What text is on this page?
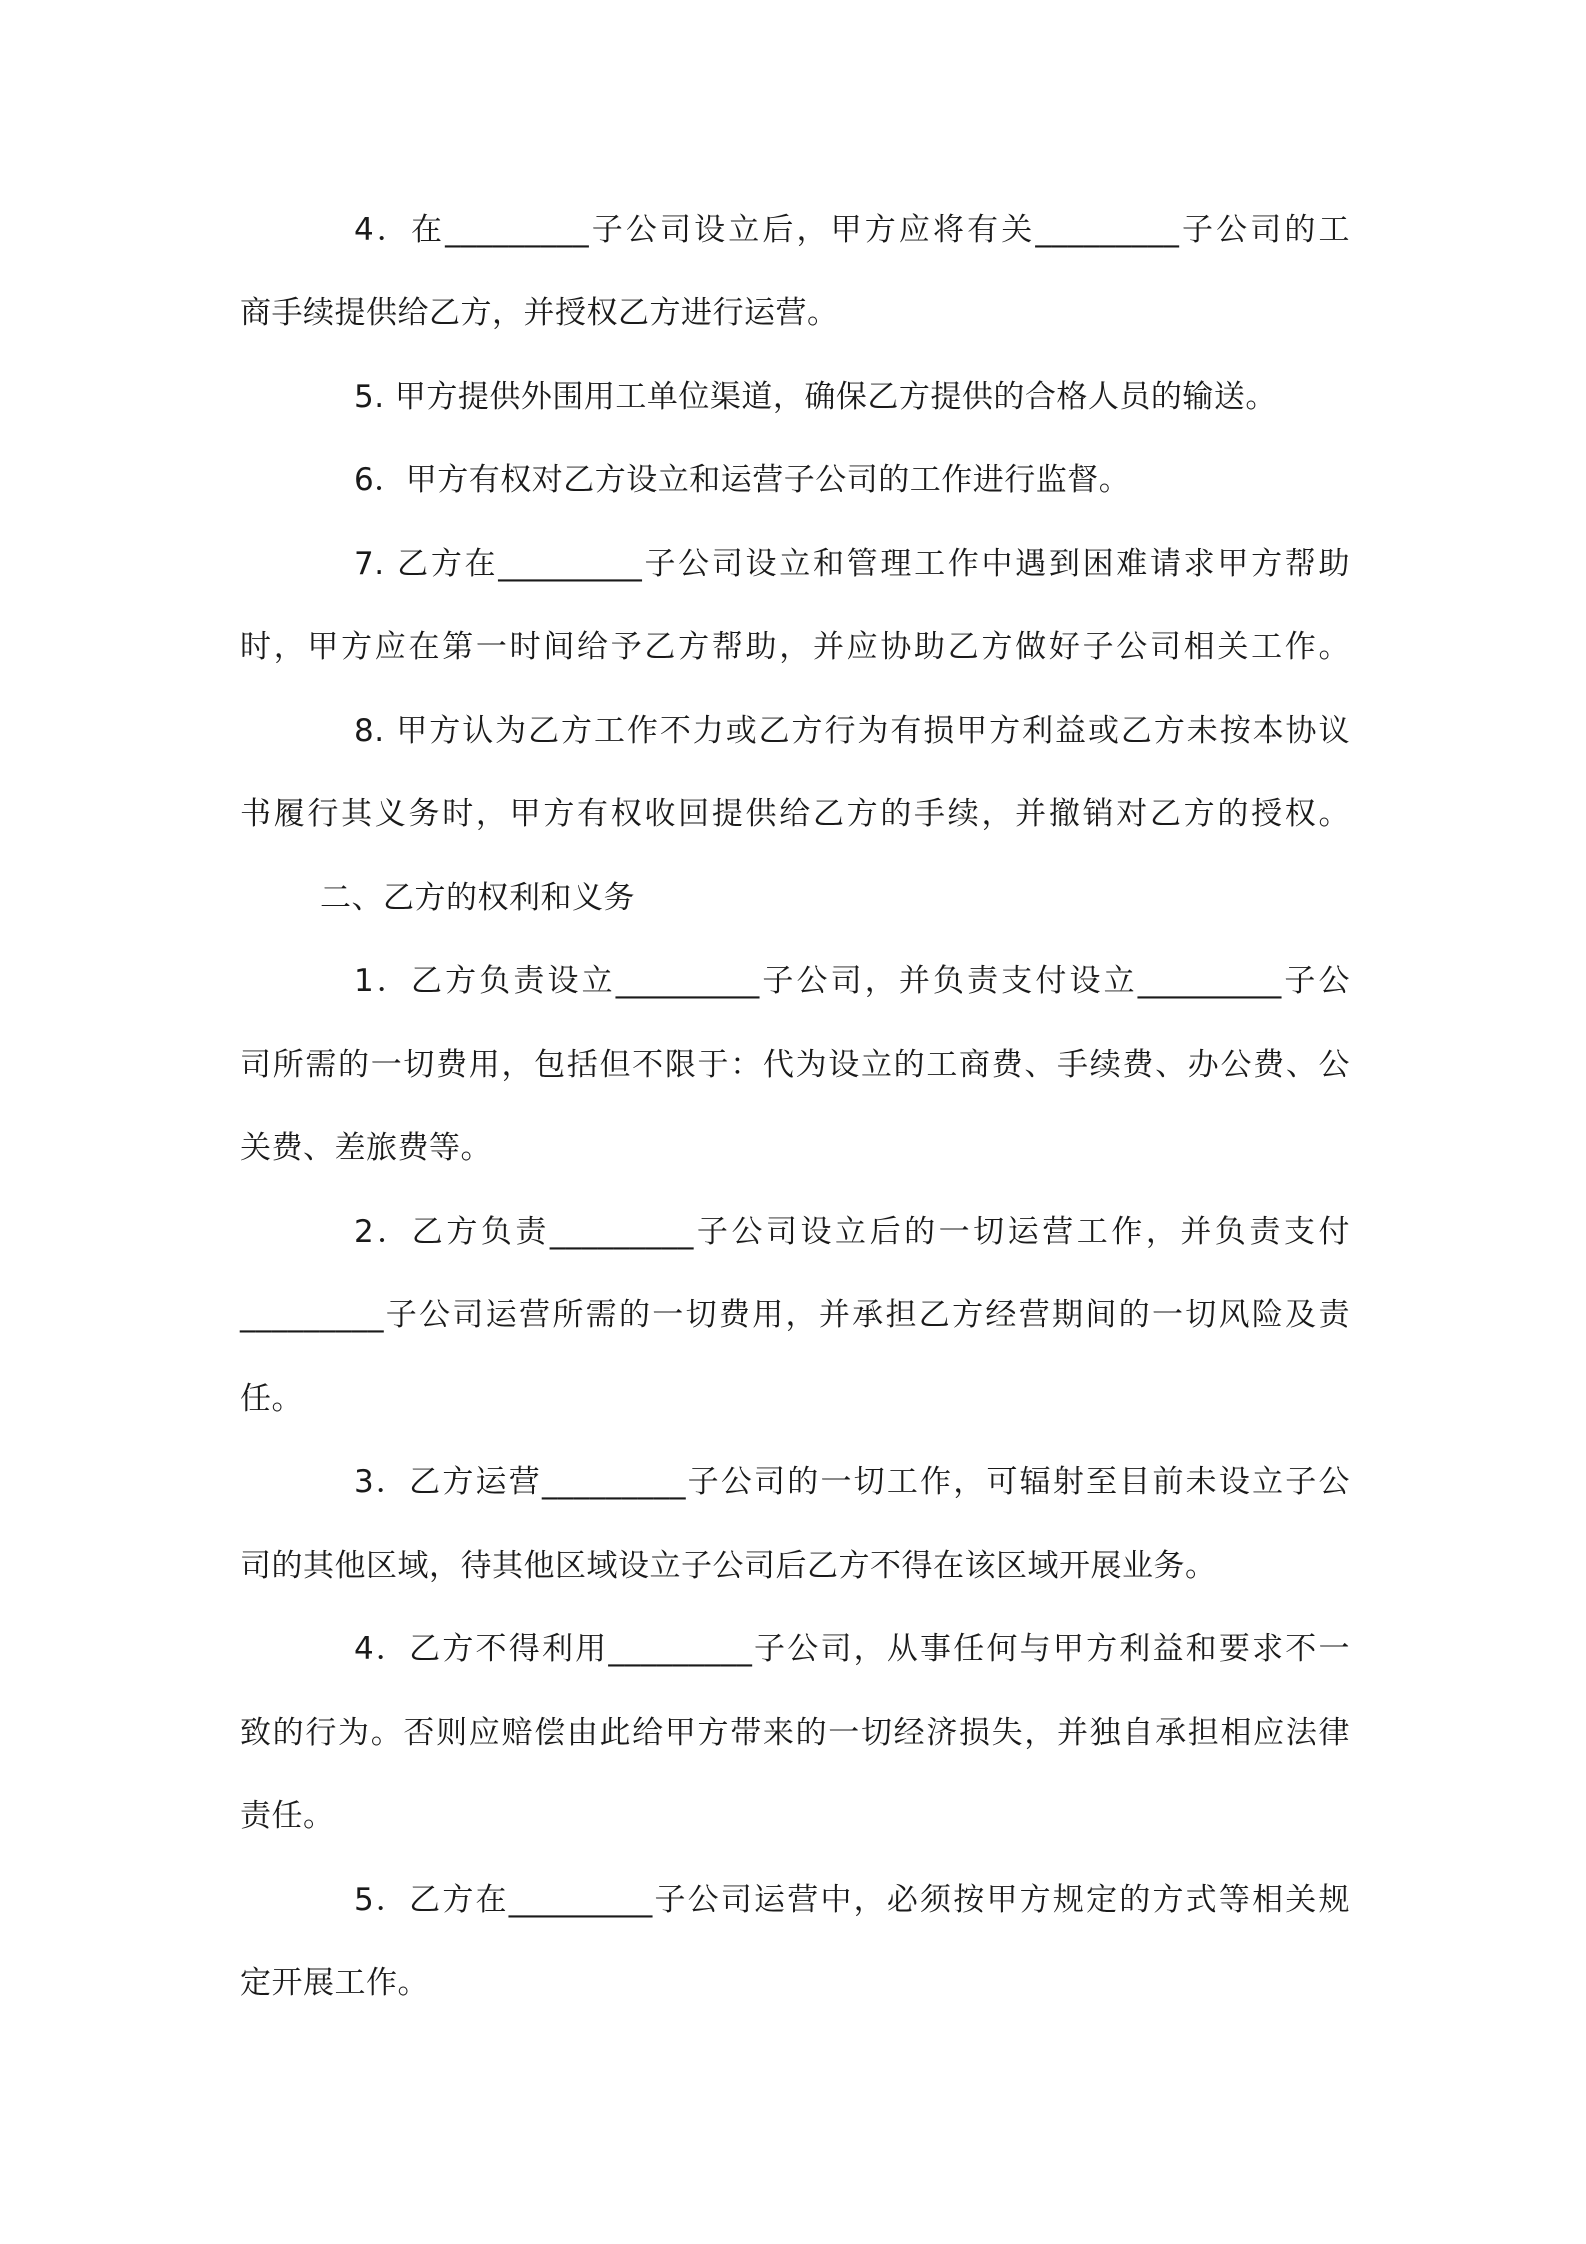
4．在_________子公司设立后，甲方应将有关_________子公司的工

商手续提供给乙方，并授权乙方进行运营。

5. 甲方提供外围用工单位渠道，确保乙方提供的合格人员的输送。

6．甲方有权对乙方设立和运营子公司的工作进行监督。

7. 乙方在_________子公司设立和管理工作中遇到困难请求甲方帮助

时，甲方应在第一时间给予乙方帮助，并应协助乙方做好子公司相关工作。

8. 甲方认为乙方工作不力或乙方行为有损甲方利益或乙方未按本协议

书履行其义务时，甲方有权收回提供给乙方的手续，并撤销对乙方的授权。

二、乙方的权利和义务

1．乙方负责设立_________子公司，并负责支付设立_________子公

司所需的一切费用，包括但不限于：代为设立的工商费、手续费、办公费、公

关费、差旅费等。

2．乙方负责_________子公司设立后的一切运营工作，并负责支付

_________子公司运营所需的一切费用，并承担乙方经营期间的一切风险及责

任。

3．乙方运营_________子公司的一切工作，可辐射至目前未设立子公

司的其他区域，待其他区域设立子公司后乙方不得在该区域开展业务。

4．乙方不得利用_________子公司，从事任何与甲方利益和要求不一

致的行为。否则应赔偿由此给甲方带来的一切经济损失，并独自承担相应法律

责任。

5．乙方在_________子公司运营中，必须按甲方规定的方式等相关规

定开展工作。
